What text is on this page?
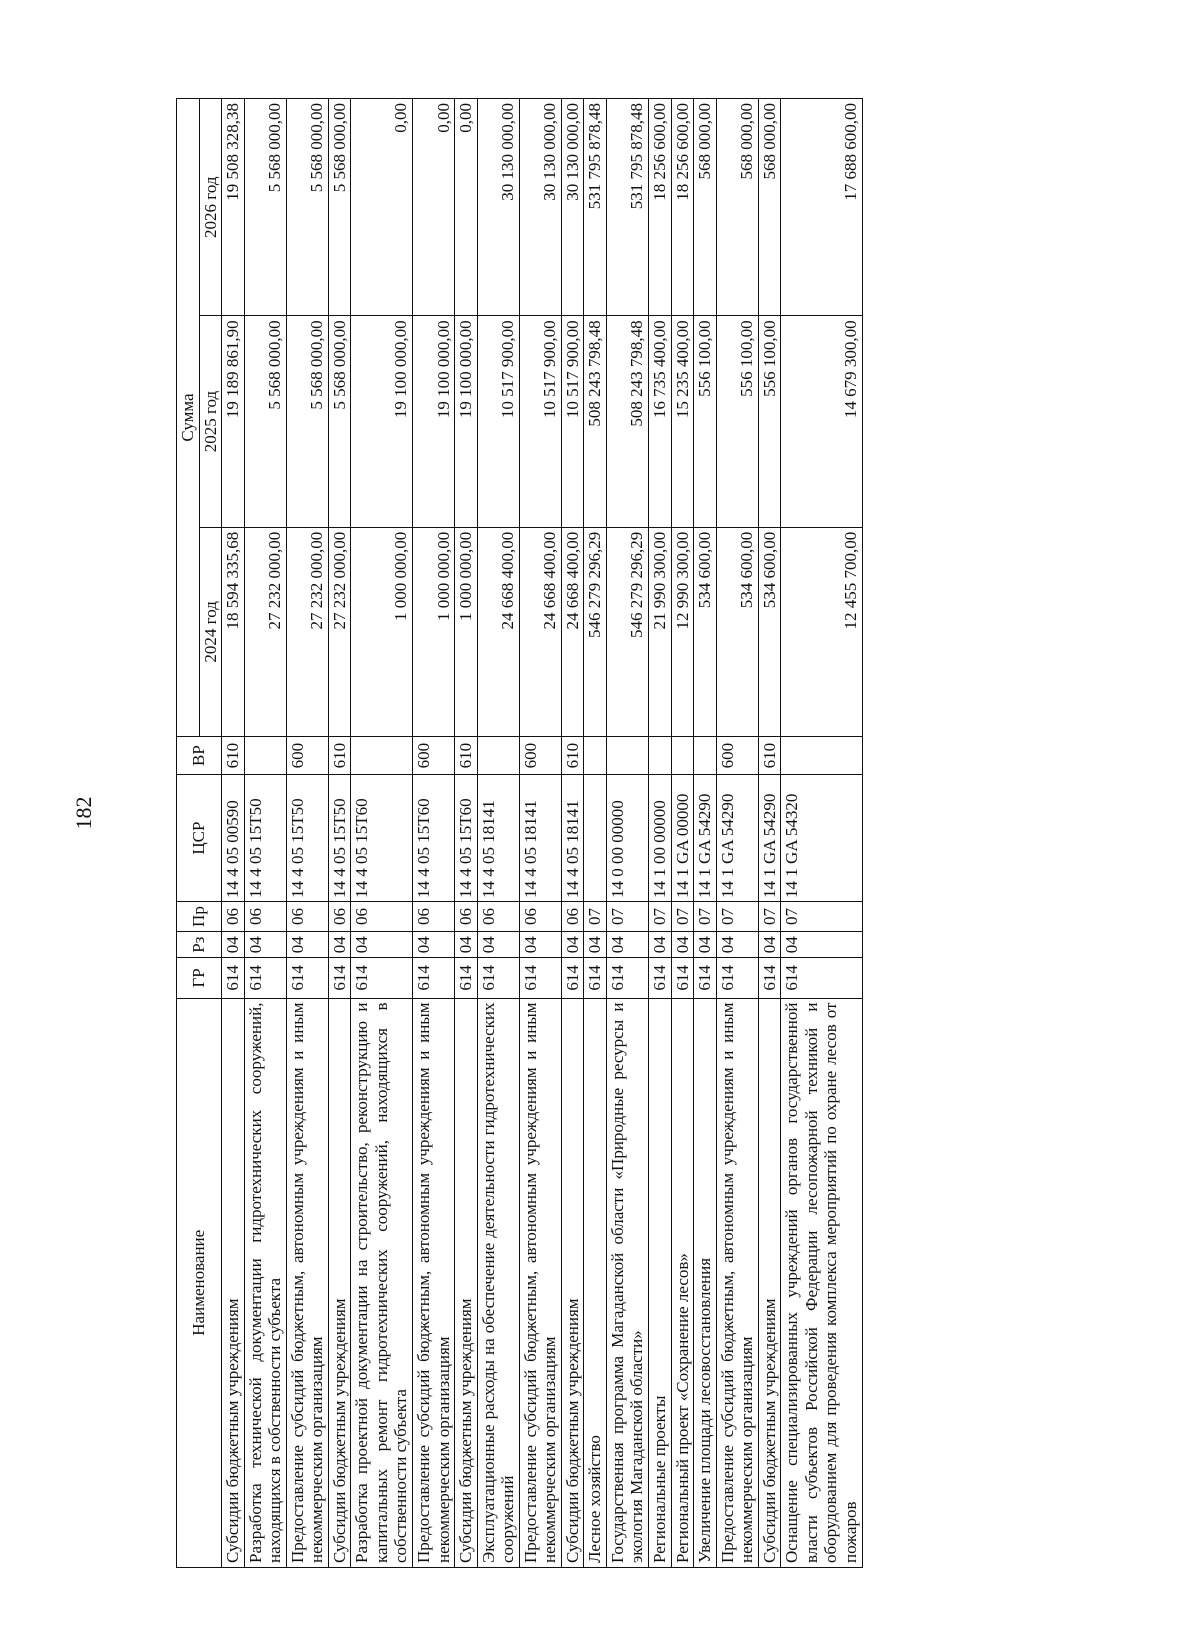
182
Наименование	ГР	Рз	Пр	ЦСР	ВР	Сумма		
						2024 год	2025 год	2026 год
Субсидии бюджетным учреждениям	614	04	06	14 4 05 00590	610	18 594 335,68	19 189 861,90	19 508 328,38
Разработка технической документации гидротехнических сооружений, находящихся в собственности субъекта	614	04	06	14 4 05 15Т50		27 232 000,00	5 568 000,00	5 568 000,00
Предоставление субсидий бюджетным, автономным учреждениям и иным некоммерческим организациям	614	04	06	14 4 05 15Т50	600	27 232 000,00	5 568 000,00	5 568 000,00
Субсидии бюджетным учреждениям	614	04	06	14 4 05 15Т50	610	27 232 000,00	5 568 000,00	5 568 000,00
Разработка проектной документации на строительство, реконструкцию и капитальных ремонт гидротехнических сооружений, находящихся в собственности субъекта	614	04	06	14 4 05 15Т60		1 000 000,00	19 100 000,00	0,00
Предоставление субсидий бюджетным, автономным учреждениям и иным некоммерческим организациям	614	04	06	14 4 05 15Т60	600	1 000 000,00	19 100 000,00	0,00
Субсидии бюджетным учреждениям	614	04	06	14 4 05 15Т60	610	1 000 000,00	19 100 000,00	0,00
Эксплуатационные расходы на обеспечение деятельности гидротехнических сооружений	614	04	06	14 4 05 18141		24 668 400,00	10 517 900,00	30 130 000,00
Предоставление субсидий бюджетным, автономным учреждениям и иным некоммерческим организациям	614	04	06	14 4 05 18141	600	24 668 400,00	10 517 900,00	30 130 000,00
Субсидии бюджетным учреждениям	614	04	06	14 4 05 18141	610	24 668 400,00	10 517 900,00	30 130 000,00
Лесное хозяйство	614	04	07			546 279 296,29	508 243 798,48	531 795 878,48
Государственная программа Магаданской области «Природные ресурсы и экология Магаданской области»	614	04	07	14 0 00 00000		546 279 296,29	508 243 798,48	531 795 878,48
Региональные проекты	614	04	07	14 1 00 00000		21 990 300,00	16 735 400,00	18 256 600,00
Региональный проект «Сохранение лесов»	614	04	07	14 1 GA 00000		12 990 300,00	15 235 400,00	18 256 600,00
Увеличение площади лесовосстановления	614	04	07	14 1 GA 54290		534 600,00	556 100,00	568 000,00
Предоставление субсидий бюджетным, автономным учреждениям и иным некоммерческим организациям	614	04	07	14 1 GA 54290	600	534 600,00	556 100,00	568 000,00
Субсидии бюджетным учреждениям	614	04	07	14 1 GA 54290	610	534 600,00	556 100,00	568 000,00
Оснащение специализированных учреждений органов государственной власти субъектов Российской Федерации лесопожарной техникой и оборудованием для проведения комплекса мероприятий по охране лесов от пожаров	614	04	07	14 1 GA 54320		12 455 700,00	14 679 300,00	17 688 600,00
